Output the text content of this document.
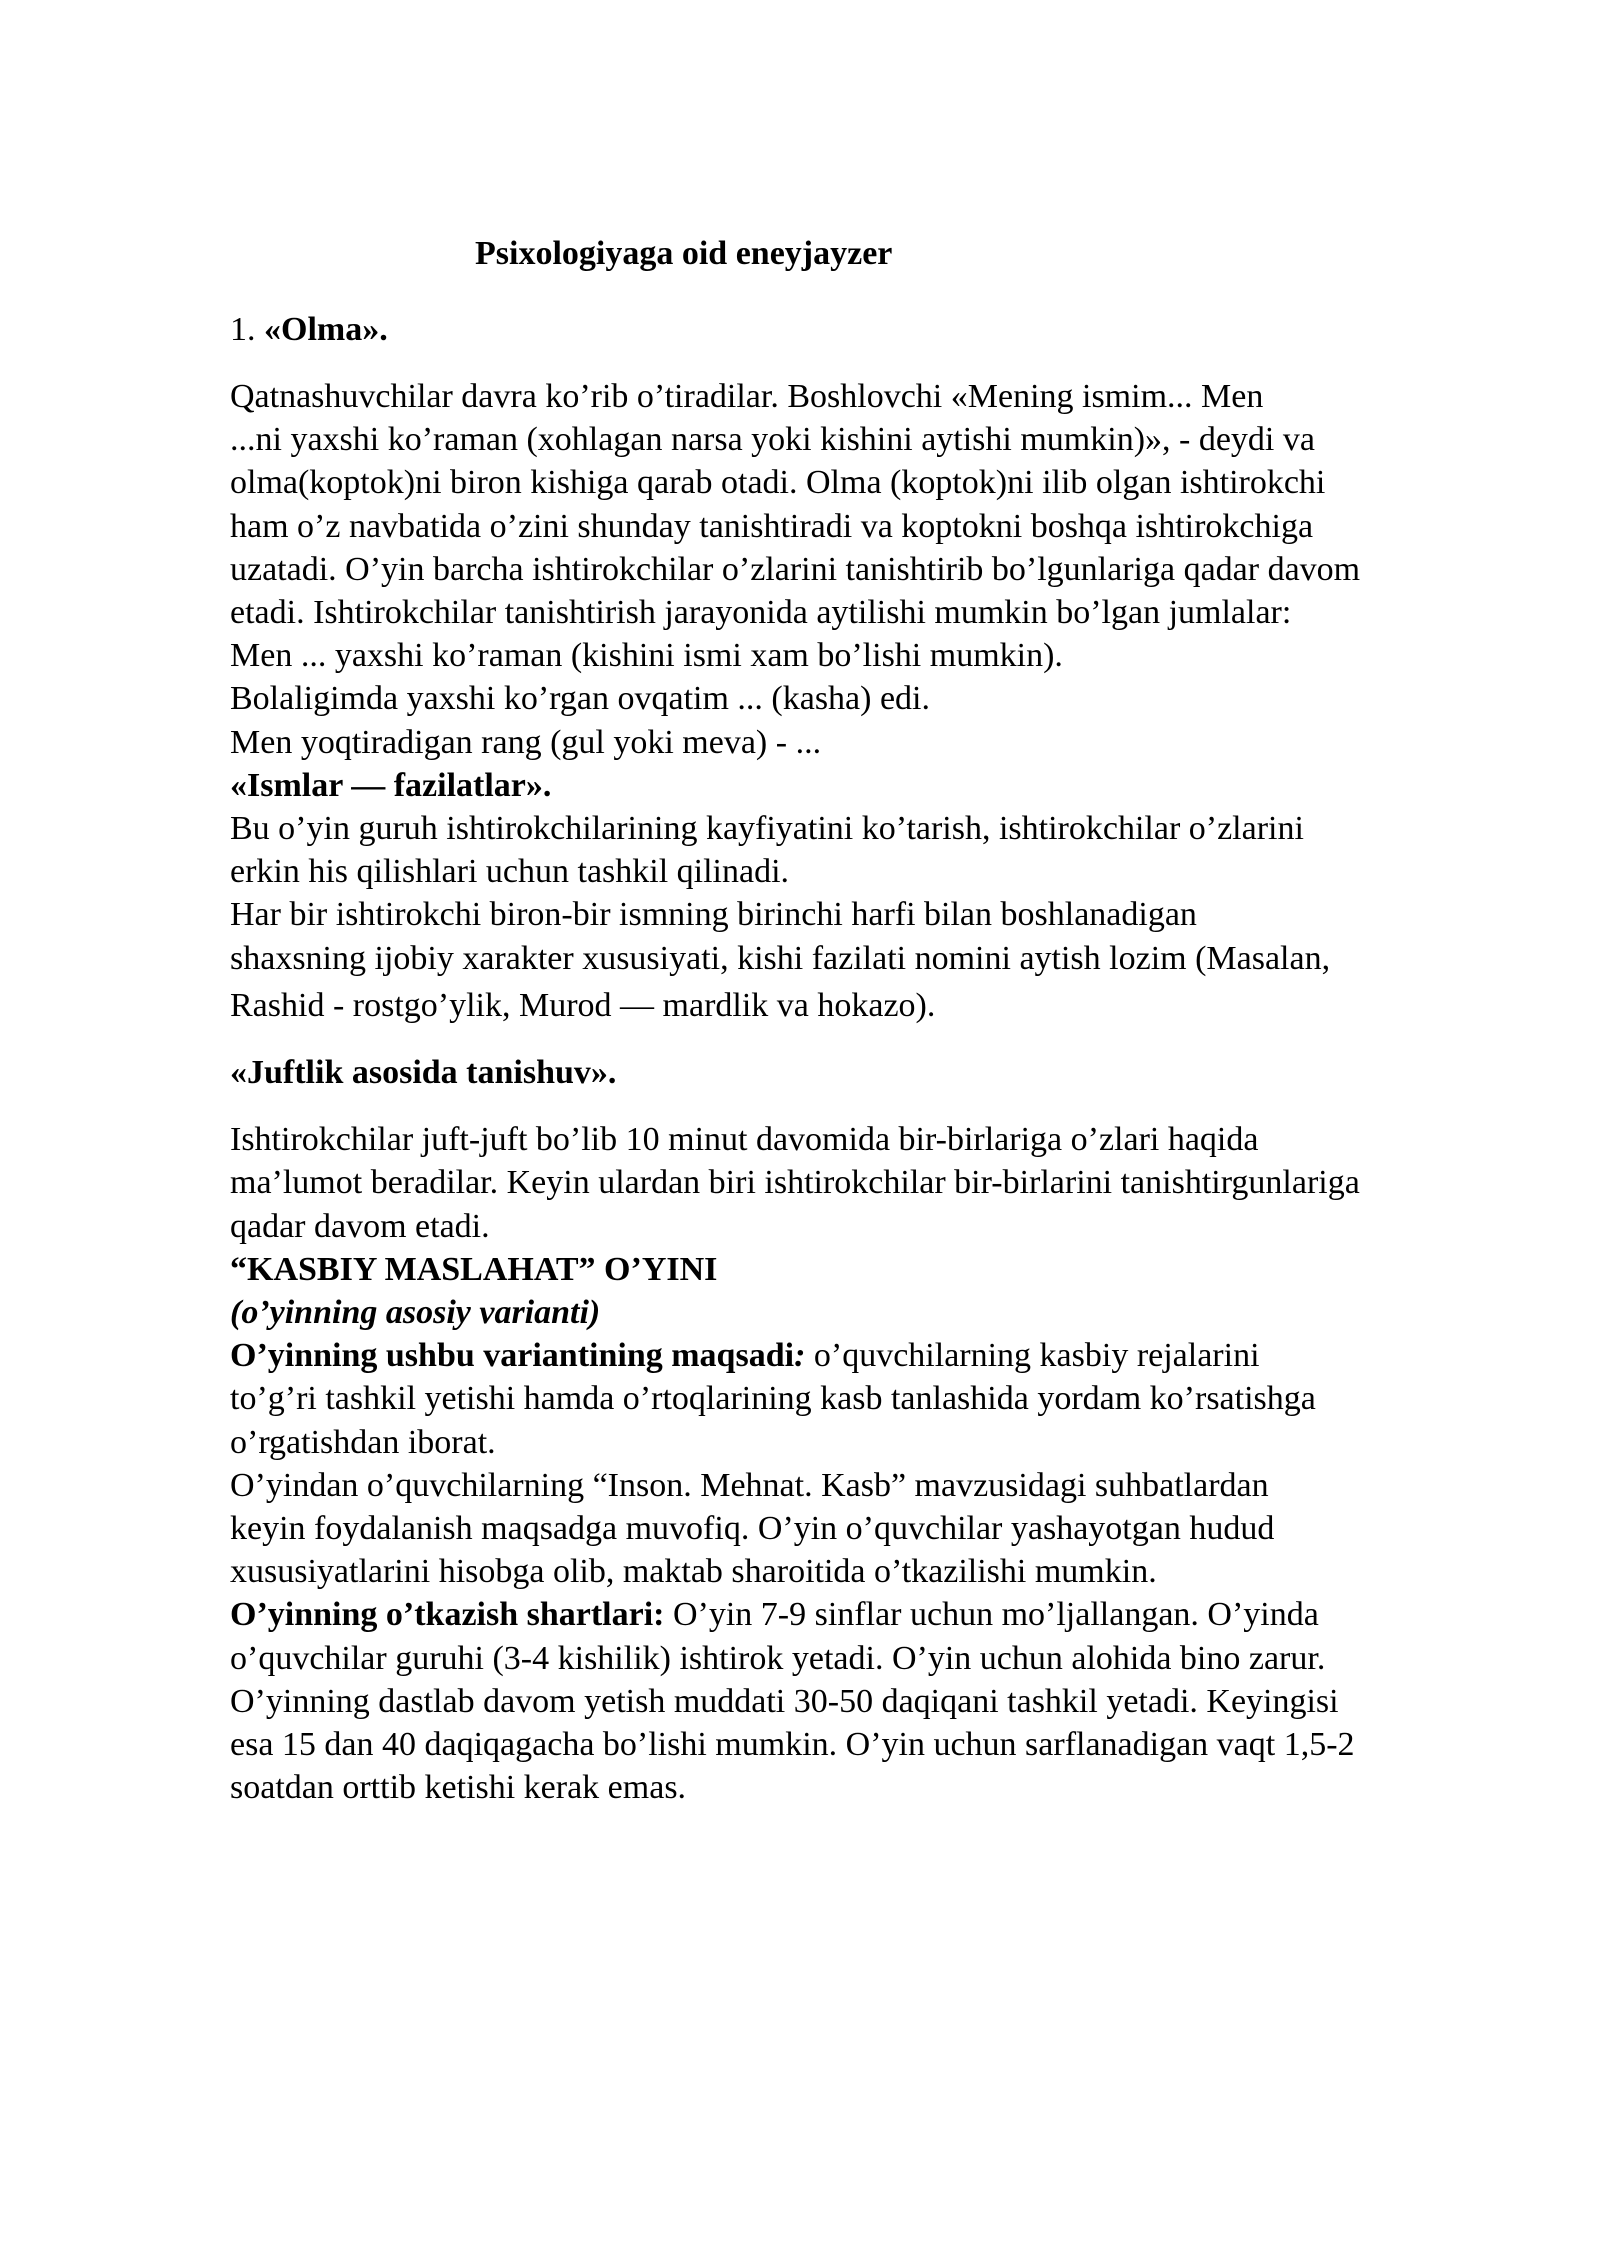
Psixologiyaga oid eneyjayzer

1. «Olma».

Qatnashuvchilar davra ko’rib o’tiradilar. Boshlovchi «Mening ismim... Men
...ni yaxshi ko’raman (xohlagan narsa yoki kishini aytishi mumkin)», - deydi va
olma(koptok)ni biron kishiga qarab otadi. Olma (koptok)ni ilib olgan ishtirokchi
ham o’z navbatida o’zini shunday tanishtiradi va koptokni boshqa ishtirokchiga
uzatadi. O’yin barcha ishtirokchilar o’zlarini tanishtirib bo’lgunlariga qadar davom
etadi. Ishtirokchilar tanishtirish jarayonida aytilishi mumkin bo’lgan jumlalar:
Men ... yaxshi ko’raman (kishini ismi xam bo’lishi mumkin).
Bolaligimda yaxshi ko’rgan ovqatim ... (kasha) edi.
Men yoqtiradigan rang (gul yoki meva) - ...
«Ismlar — fazilatlar».
Bu o’yin guruh ishtirokchilarining kayfiyatini ko’tarish, ishtirokchilar o’zlarini
erkin his qilishlari uchun tashkil qilinadi.
Har bir ishtirokchi biron-bir ismning birinchi harfi bilan boshlanadigan
shaxsning ijobiy xarakter xususiyati, kishi fazilati nomini aytish lozim (Masalan,
Rashid - rostgo’ylik, Murod — mardlik va hokazo).
«Juftlik asosida tanishuv».
Ishtirokchilar juft-juft bo’lib 10 minut davomida bir-birlariga o’zlari haqida
ma’lumot beradilar. Keyin ulardan biri ishtirokchilar bir-birlarini tanishtirgunlariga
qadar davom etadi.
“KASBIY MASLAHAT” O’YINI
(o’yinning asosiy varianti)
O’yinning ushbu variantining maqsadi: o’quvchilarning kasbiy rejalarini
to’g’ri tashkil yetishi hamda o’rtoqlarining kasb tanlashida yordam ko’rsatishga
o’rgatishdan iborat.
O’yindan o’quvchilarning “Inson. Mehnat. Kasb” mavzusidagi suhbatlardan
keyin foydalanish maqsadga muvofiq. O’yin o’quvchilar yashayotgan hudud
xususiyatlarini hisobga olib, maktab sharoitida o’tkazilishi mumkin.
O’yinning o’tkazish shartlari: O’yin 7-9 sinflar uchun mo’ljallangan. O’yinda
o’quvchilar guruhi (3-4 kishilik) ishtirok yetadi. O’yin uchun alohida bino zarur.
O’yinning dastlab davom yetish muddati 30-50 daqiqani tashkil yetadi. Keyingisi
esa 15 dan 40 daqiqagacha bo’lishi mumkin. O’yin uchun sarflanadigan vaqt 1,5-2
soatdan orttib ketishi kerak emas.
